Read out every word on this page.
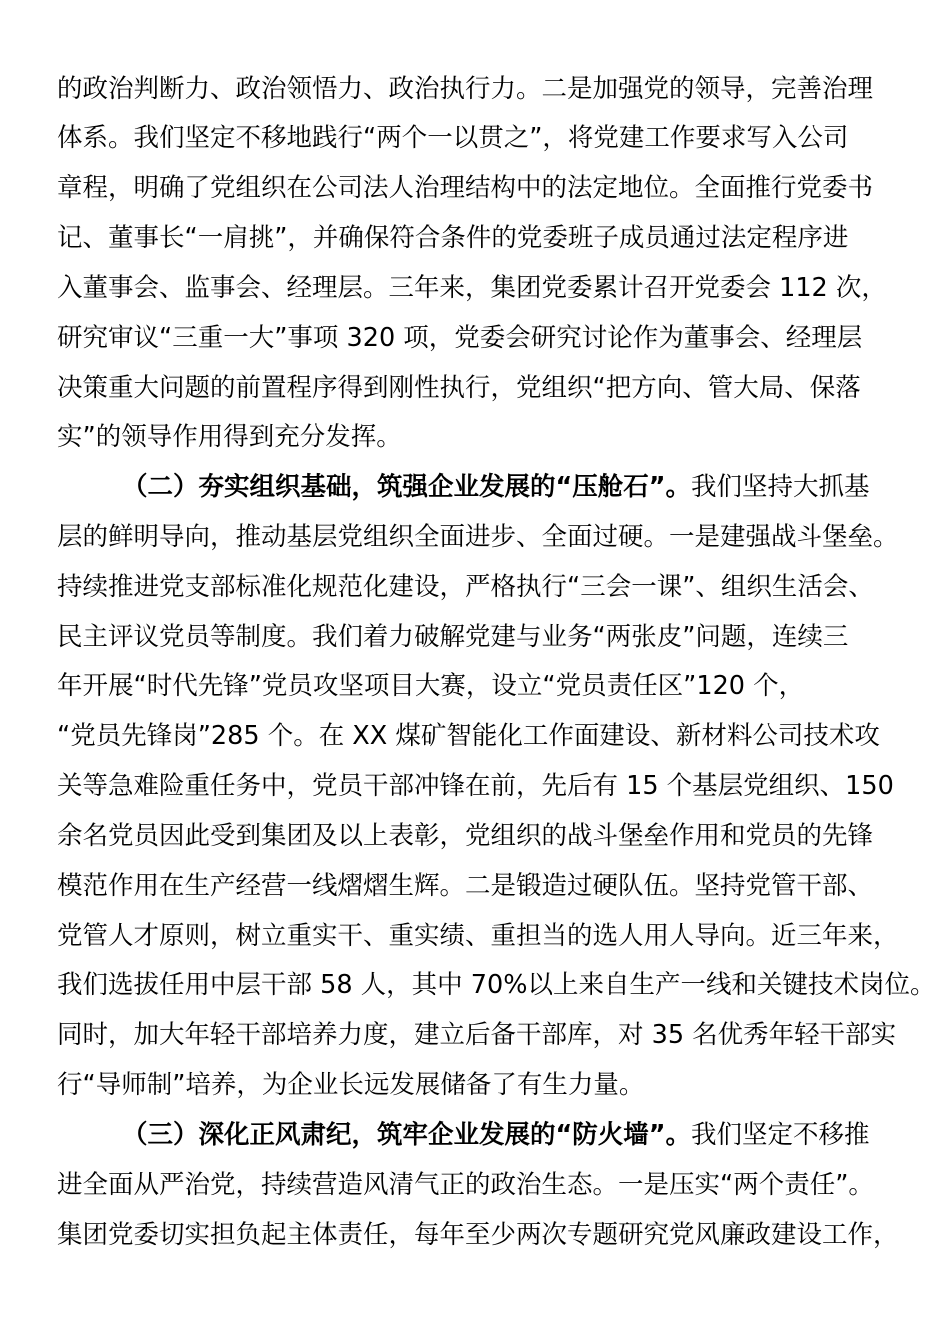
的政治判断力、政治领悟力、政治执行力。二是加强党的领导，完善治理
体系。我们坚定不移地践行“两个一以贯之”，将党建工作要求写入公司
章程，明确了党组织在公司法人治理结构中的法定地位。全面推行党委书
记、董事长“一肩挑”，并确保符合条件的党委班子成员通过法定程序进
入董事会、监事会、经理层。三年来，集团党委累计召开党委会 112 次，
研究审议“三重一大”事项 320 项，党委会研究讨论作为董事会、经理层
决策重大问题的前置程序得到刚性执行，党组织“把方向、管大局、保落
实”的领导作用得到充分发挥。
（二）夯实组织基础，筑强企业发展的“压舱石”。我们坚持大抓基
层的鲜明导向，推动基层党组织全面进步、全面过硬。一是建强战斗堡垒。
持续推进党支部标准化规范化建设，严格执行“三会一课”、组织生活会、
民主评议党员等制度。我们着力破解党建与业务“两张皮”问题，连续三
年开展“时代先锋”党员攻坚项目大赛，设立“党员责任区”120 个，
“党员先锋岗”285 个。在 XX 煤矿智能化工作面建设、新材料公司技术攻
关等急难险重任务中，党员干部冲锋在前，先后有 15 个基层党组织、150
余名党员因此受到集团及以上表彰，党组织的战斗堡垒作用和党员的先锋
模范作用在生产经营一线熠熠生辉。二是锻造过硬队伍。坚持党管干部、
党管人才原则，树立重实干、重实绩、重担当的选人用人导向。近三年来，
我们选拔任用中层干部 58 人，其中 70%以上来自生产一线和关键技术岗位。
同时，加大年轻干部培养力度，建立后备干部库，对 35 名优秀年轻干部实
行“导师制”培养，为企业长远发展储备了有生力量。
（三）深化正风肃纪，筑牢企业发展的“防火墙”。我们坚定不移推
进全面从严治党，持续营造风清气正的政治生态。一是压实“两个责任”。
集团党委切实担负起主体责任，每年至少两次专题研究党风廉政建设工作，
